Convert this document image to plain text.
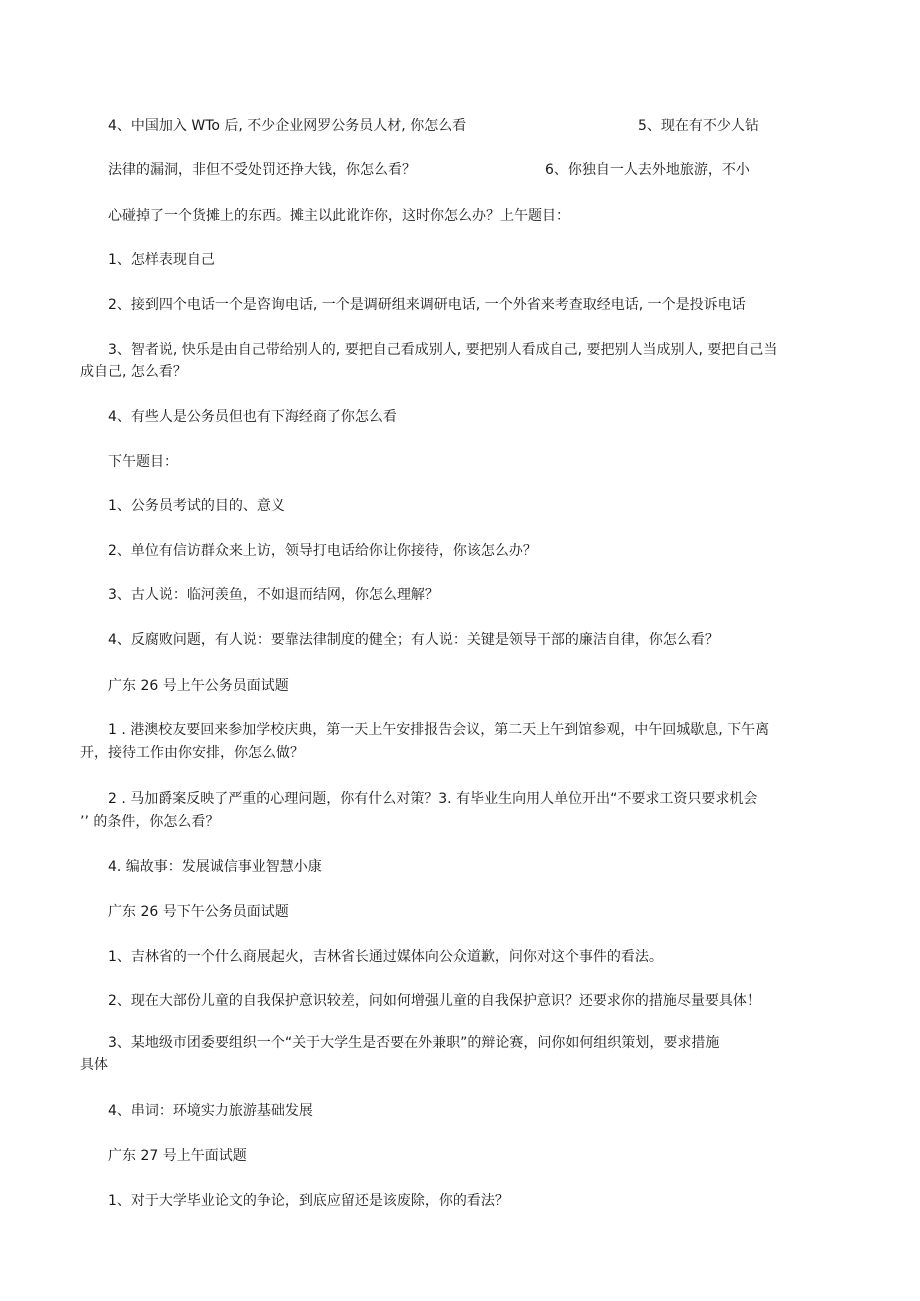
4、中国加入 WTo 后, 不少企业网罗公务员人材, 你怎么看	5、现在有不少人钻
法律的漏洞，非但不受处罚还挣大钱，你怎么看？	6、你独自一人去外地旅游，不小
心碰掉了一个货摊上的东西。摊主以此讹诈你，这时你怎么办？上午题目：
1、怎样表现自己
2、接到四个电话一个是咨询电话, 一个是调研组来调研电话, 一个外省来考查取经电话, 一个是投诉电话
3、智者说, 快乐是由自己带给别人的, 要把自己看成别人, 要把别人看成自己, 要把别人当成别人, 要把自己当
成自己, 怎么看？
4、有些人是公务员但也有下海经商了你怎么看
下午题目：
1、公务员考试的目的、意义
2、单位有信访群众来上访，领导打电话给你让你接待，你该怎么办？
3、古人说：临河羡鱼，不如退而结网，你怎么理解？
4、反腐败问题，有人说：要靠法律制度的健全；有人说：关键是领导干部的廉洁自律，你怎么看？
广东 26 号上午公务员面试题
1 . 港澳校友要回来参加学校庆典，第一天上午安排报告会议，第二天上午到馆参观，中午回城歇息, 下午离
开，接待工作由你安排，你怎么做？
2 . 马加爵案反映了严重的心理问题，你有什么对策？3. 有毕业生向用人单位开出“不要求工资只要求机会
’’ 的条件，你怎么看？
4. 编故事：发展诚信事业智慧小康
广东 26 号下午公务员面试题
1、吉林省的一个什么商展起火，吉林省长通过媒体向公众道歉，问你对这个事件的看法。
2、现在大部份儿童的自我保护意识较差，问如何增强儿童的自我保护意识？还要求你的措施尽量要具体！
3、某地级市团委要组织一个“关于大学生是否要在外兼职”的辩论赛，问你如何组织策划，要求措施
具体
4、串词：环境实力旅游基础发展
广东 27 号上午面试题
1、对于大学毕业论文的争论，到底应留还是该废除，你的看法？
